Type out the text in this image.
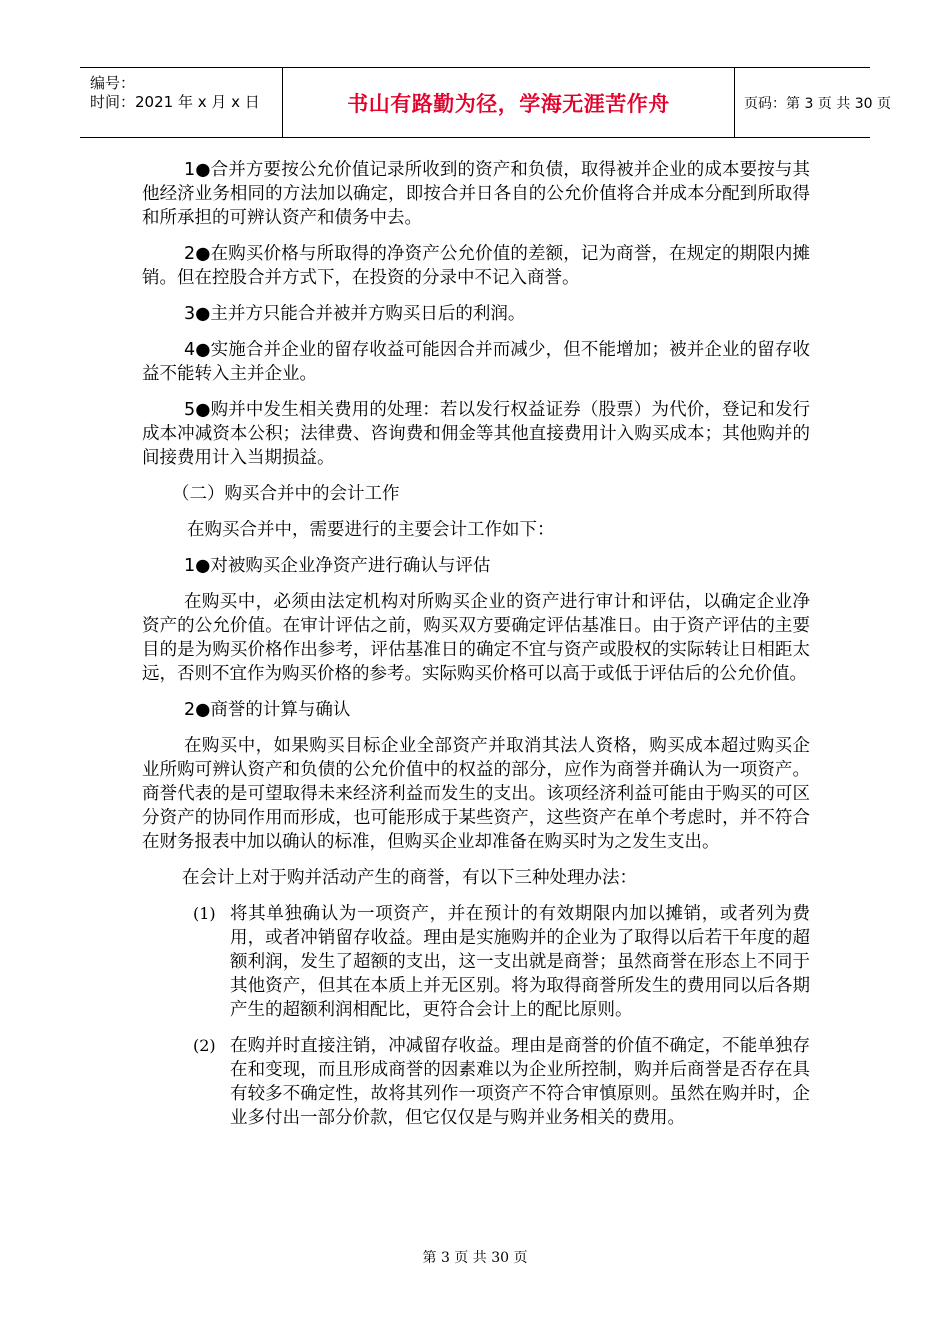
编号：
时间：2021 年 x 月 x 日	书山有路勤为径，学海无涯苦作舟	页码：第 3 页 共 30 页

1●合并方要按公允价值记录所收到的资产和负债，取得被并企业的成本要按与其他经济业务相同的方法加以确定，即按合并日各自的公允价值将合并成本分配到所取得和所承担的可辨认资产和债务中去。

2●在购买价格与所取得的净资产公允价值的差额，记为商誉，在规定的期限内摊销。但在控股合并方式下，在投资的分录中不记入商誉。

3●主并方只能合并被并方购买日后的利润。

4●实施合并企业的留存收益可能因合并而减少，但不能增加；被并企业的留存收益不能转入主并企业。

5●购并中发生相关费用的处理：若以发行权益证券（股票）为代价，登记和发行成本冲减资本公积；法律费、咨询费和佣金等其他直接费用计入购买成本；其他购并的间接费用计入当期损益。

（二）购买合并中的会计工作

在购买合并中，需要进行的主要会计工作如下：

1●对被购买企业净资产进行确认与评估

在购买中，必须由法定机构对所购买企业的资产进行审计和评估，以确定企业净资产的公允价值。在审计评估之前，购买双方要确定评估基准日。由于资产评估的主要目的是为购买价格作出参考，评估基准日的确定不宜与资产或股权的实际转让日相距太远，否则不宜作为购买价格的参考。实际购买价格可以高于或低于评估后的公允价值。

2●商誉的计算与确认

在购买中，如果购买目标企业全部资产并取消其法人资格，购买成本超过购买企业所购可辨认资产和负债的公允价值中的权益的部分，应作为商誉并确认为一项资产。商誉代表的是可望取得未来经济利益而发生的支出。该项经济利益可能由于购买的可区分资产的协同作用而形成，也可能形成于某些资产，这些资产在单个考虑时，并不符合在财务报表中加以确认的标准，但购买企业却准备在购买时为之发生支出。

在会计上对于购并活动产生的商誉，有以下三种处理办法：

(1) 将其单独确认为一项资产，并在预计的有效期限内加以摊销，或者列为费用，或者冲销留存收益。理由是实施购并的企业为了取得以后若干年度的超额利润，发生了超额的支出，这一支出就是商誉；虽然商誉在形态上不同于其他资产，但其在本质上并无区别。将为取得商誉所发生的费用同以后各期产生的超额利润相配比，更符合会计上的配比原则。

(2) 在购并时直接注销，冲减留存收益。理由是商誉的价值不确定，不能单独存在和变现，而且形成商誉的因素难以为企业所控制，购并后商誉是否存在具有较多不确定性，故将其列作一项资产不符合审慎原则。虽然在购并时，企业多付出一部分价款，但它仅仅是与购并业务相关的费用。

第 3 页 共 30 页
